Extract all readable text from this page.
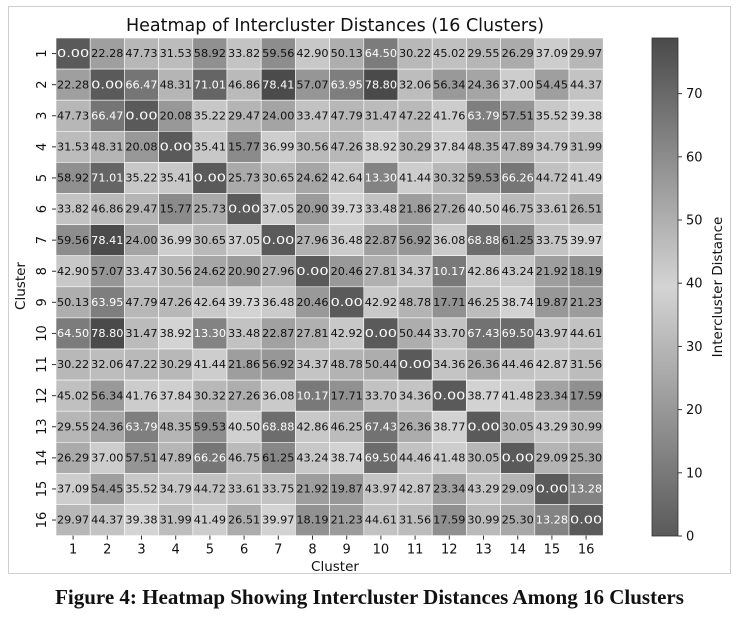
Heatmap of Intercluster Distances (16 Clusters)
0.00 22.28 47.73 31.53 58.92 33.82 59.56 42.90 50.13 64.50 30.22 45.02 29.55 26.29 37.09 29.97
22.28 0.00 66.47 48.31 71.01 46.86 78.41 57.07 63.95 78.80 32.06 56.34 24.36 37.00 54.45 44.37
47.73 66.47 0.00 20.08 35.22 29.47 24.00 33.47 47.79 31.47 47.22 41.76 63.79 57.51 35.52 39.38
31.53 48.31 20.08 0.00 35.41 15.77 36.99 30.56 47.26 38.92 30.29 37.84 48.35 47.89 34.79 31.99
58.92 71.01 35.22 35.41 0.00 25.73 30.65 24.62 42.64 13.30 41.44 30.32 59.53 66.26 44.72 41.49
33.82 46.86 29.47 15.77 25.73 0.00 37.05 20.90 39.73 33.48 21.86 27.26 40.50 46.75 33.61 26.51
59.56 78.41 24.00 36.99 30.65 37.05 0.00 27.96 36.48 22.87 56.92 36.08 68.88 61.25 33.75 39.97
42.90 57.07 33.47 30.56 24.62 20.90 27.96 0.00 20.46 27.81 34.37 10.17 42.86 43.24 21.92 18.19
50.13 63.95 47.79 47.26 42.64 39.73 36.48 20.46 0.00 42.92 48.78 17.71 46.25 38.74 19.87 21.23
64.50 78.80 31.47 38.92 13.30 33.48 22.87 27.81 42.92 0.00 50.44 33.70 67.43 69.50 43.97 44.61
30.22 32.06 47.22 30.29 41.44 21.86 56.92 34.37 48.78 50.44 0.00 34.36 26.36 44.46 42.87 31.56
45.02 56.34 41.76 37.84 30.32 27.26 36.08 10.17 17.71 33.70 34.36 0.00 38.77 41.48 23.34 17.59
29.55 24.36 63.79 48.35 59.53 40.50 68.88 42.86 46.25 67.43 26.36 38.77 0.00 30.05 43.29 30.99
26.29 37.00 57.51 47.89 66.26 46.75 61.25 43.24 38.74 69.50 44.46 41.48 30.05 0.00 29.09 25.30
37.09 54.45 35.52 34.79 44.72 33.61 33.75 21.92 19.87 43.97 42.87 23.34 43.29 29.09 0.00 13.28
29.97 44.37 39.38 31.99 41.49 26.51 39.97 18.19 21.23 44.61 31.56 17.59 30.99 25.30 13.28 0.00
1 2 3 4 5 6 7 8 9 10 11 12 13 14 15 16
1
2
3
4
5
6
7
8
9
10
11
12
13
14
15
16
Cluster
Cluster
0
10
20
30
40
50
60
70
Intercluster Distance
Figure 4: Heatmap Showing Intercluster Distances Among 16 Clusters
